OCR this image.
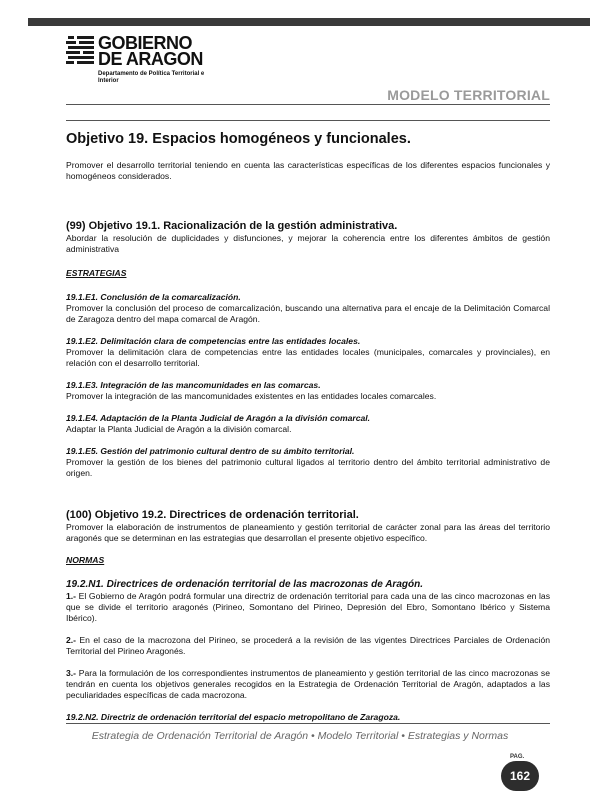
GOBIERNO
DE ARAGON
Departamento de Política Territorial e Interior
MODELO TERRITORIAL
Objetivo 19. Espacios homogéneos y funcionales.

Promover el desarrollo territorial teniendo en cuenta las características específicas de los diferentes espacios funcionales y homogéneos considerados.

(99) Objetivo 19.1. Racionalización de la gestión administrativa.

Abordar la resolución de duplicidades y disfunciones, y mejorar la coherencia entre los diferentes ámbitos de gestión administrativa

ESTRATEGIAS

19.1.E1. Conclusión de la comarcalización.

Promover la conclusión del proceso de comarcalización, buscando una alternativa para el encaje de la Delimitación Comarcal de Zaragoza dentro del mapa comarcal de Aragón.

19.1.E2. Delimitación clara de competencias entre las entidades locales.

Promover la delimitación clara de competencias entre las entidades locales (municipales, comarcales y provinciales), en relación con el desarrollo territorial.

19.1.E3. Integración de las mancomunidades en las comarcas.

Promover la integración de las mancomunidades existentes en las entidades locales comarcales.

19.1.E4. Adaptación de la Planta Judicial de Aragón a la división comarcal.

Adaptar la Planta Judicial de Aragón a la división comarcal.

19.1.E5. Gestión del patrimonio cultural dentro de su ámbito territorial.

Promover la gestión de los bienes del patrimonio cultural ligados al territorio dentro del ámbito territorial administrativo de origen.

(100) Objetivo 19.2. Directrices de ordenación territorial.

Promover la elaboración de instrumentos de planeamiento y gestión territorial de carácter zonal para las áreas del territorio aragonés que se determinan en las estrategias que desarrollan el presente objetivo específico.

NORMAS

19.2.N1. Directrices de ordenación territorial de las macrozonas de Aragón.

1.- El Gobierno de Aragón podrá formular una directriz de ordenación territorial para cada una de las cinco macrozonas en las que se divide el territorio aragonés (Pirineo, Somontano del Pirineo, Depresión del Ebro, Somontano Ibérico y Sistema Ibérico).

2.- En el caso de la macrozona del Pirineo, se procederá a la revisión de las vigentes Directrices Parciales de Ordenación Territorial del Pirineo Aragonés.

3.- Para la formulación de los correspondientes instrumentos de planeamiento y gestión territorial de las cinco macrozonas se tendrán en cuenta los objetivos generales recogidos en la Estrategia de Ordenación Territorial de Aragón, adaptados a las peculiaridades específicas de cada macrozona.

19.2.N2. Directriz de ordenación territorial del espacio metropolitano de Zaragoza.

Estrategia de Ordenación Territorial de Aragón • Modelo Territorial • Estrategias y Normas
PAG.
162
